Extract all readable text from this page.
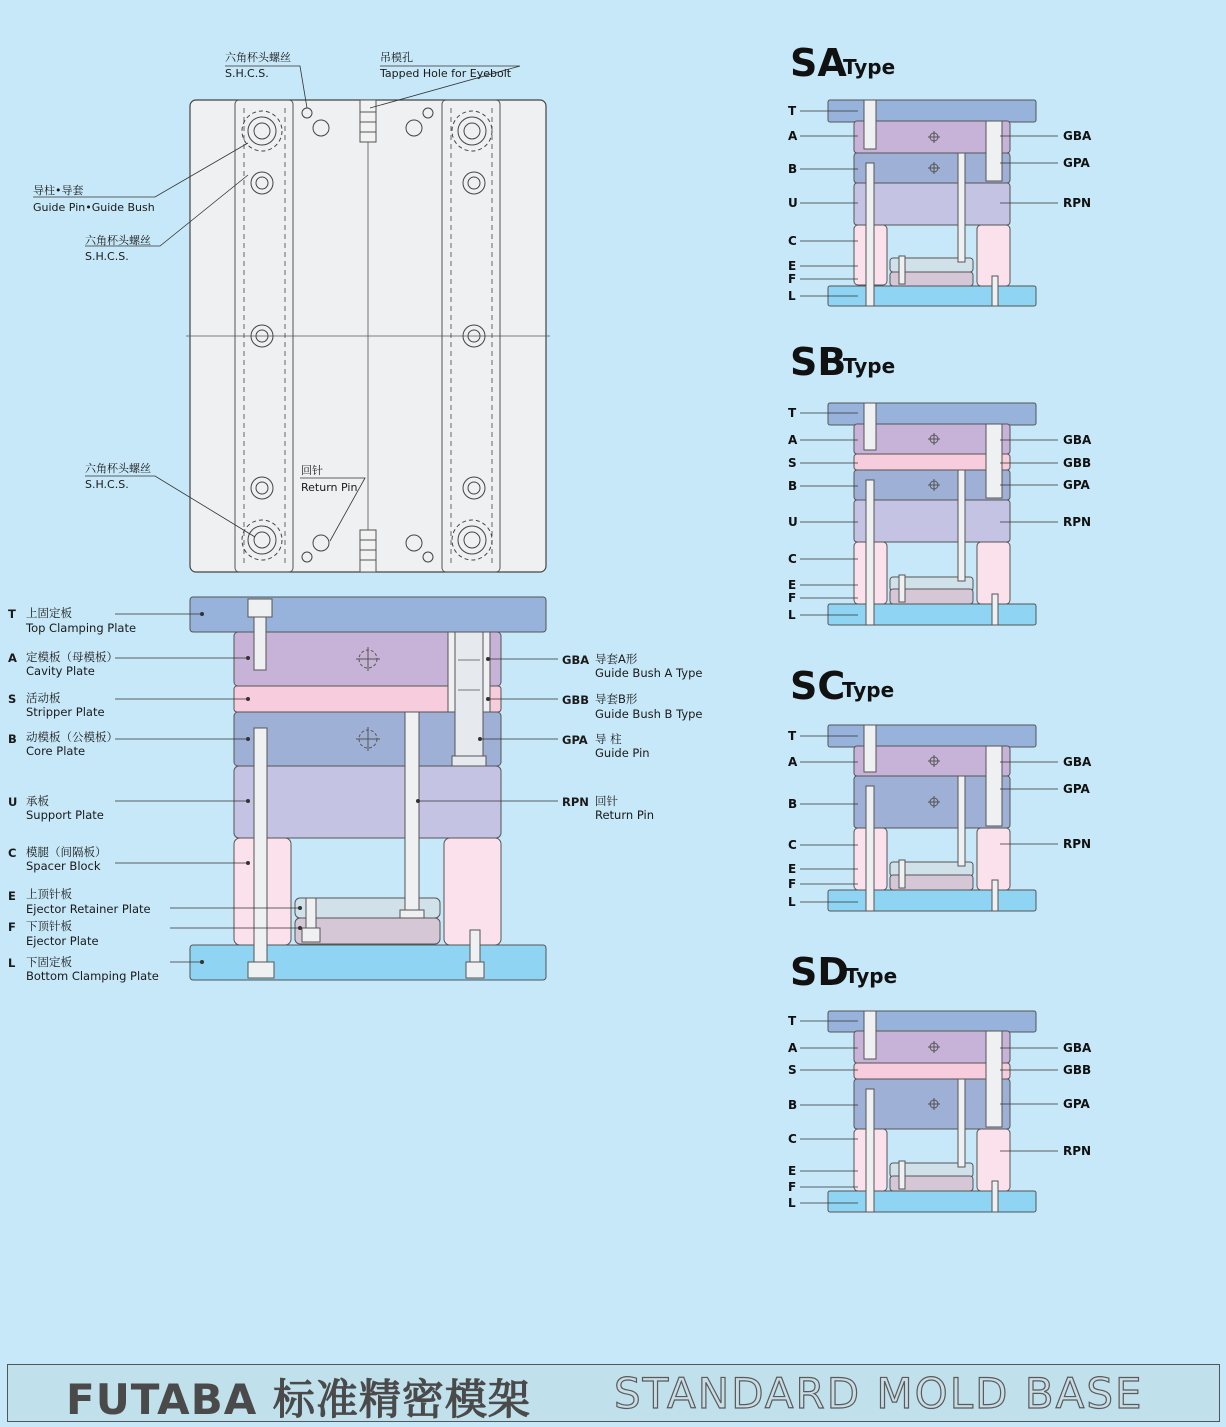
六角杯头螺丝
S.H.C.S.
吊模孔
Tapped Hole for Eyebolt
导柱•导套
Guide Pin•Guide Bush
六角杯头螺丝
S.H.C.S.
六角杯头螺丝
S.H.C.S.
回针
Return Pin
T 上固定板
Top Clamping Plate
A 定模板（母模板）
Cavity Plate
S 活动板
Stripper Plate
B 动模板（公模板）
Core Plate
U 承板
Support Plate
C 模腿（间隔板）
Spacer Block
E 上顶针板
Ejector Retainer Plate
F 下顶针板
Ejector Plate
L 下固定板
Bottom Clamping Plate
GBA 导套A形
Guide Bush A Type
GBB 导套B形
Guide Bush B Type
GPA 导 柱
Guide Pin
RPN 回针
Return Pin
SA
Type
SB
Type
SC
Type
SD
Type
T
A
B
U
C
E
F
L
GBA
GPA
RPN
T
A
S
B
U
C
E
F
L
GBA
GBB
GPA
RPN
T
A
B
C
E
F
L
GBA
GPA
RPN
T
A
S
B
C
E
F
L
GBA
GBB
GPA
RPN
FUTABA 标准精密模架 STANDARD MOLD BASE
